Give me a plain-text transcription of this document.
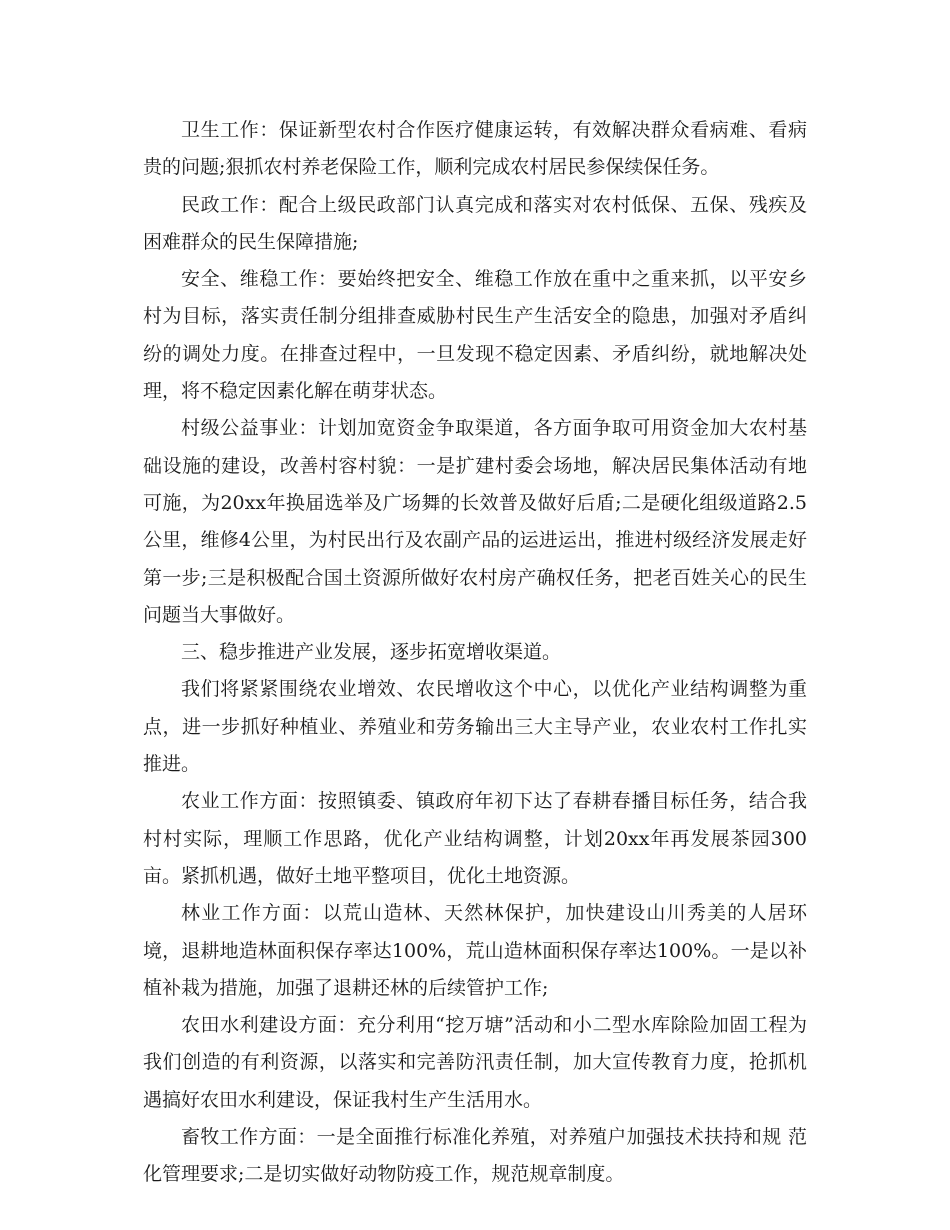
卫生工作：保证新型农村合作医疗健康运转，有效解决群众看病难、看病贵的问题;狠抓农村养老保险工作，顺利完成农村居民参保续保任务。

民政工作：配合上级民政部门认真完成和落实对农村低保、五保、残疾及困难群众的民生保障措施;

安全、维稳工作：要始终把安全、维稳工作放在重中之重来抓，以平安乡村为目标，落实责任制分组排查威胁村民生产生活安全的隐患，加强对矛盾纠纷的调处力度。在排查过程中，一旦发现不稳定因素、矛盾纠纷，就地解决处理，将不稳定因素化解在萌芽状态。

村级公益事业：计划加宽资金争取渠道，各方面争取可用资金加大农村基础设施的建设，改善村容村貌：一是扩建村委会场地，解决居民集体活动有地可施，为20xx年换届选举及广场舞的长效普及做好后盾;二是硬化组级道路2.5公里，维修4公里，为村民出行及农副产品的运进运出，推进村级经济发展走好第一步;三是积极配合国土资源所做好农村房产确权任务，把老百姓关心的民生问题当大事做好。

三、稳步推进产业发展，逐步拓宽增收渠道。

我们将紧紧围绕农业增效、农民增收这个中心，以优化产业结构调整为重点，进一步抓好种植业、养殖业和劳务输出三大主导产业，农业农村工作扎实推进。

农业工作方面：按照镇委、镇政府年初下达了春耕春播目标任务，结合我村村实际，理顺工作思路，优化产业结构调整，计划20xx年再发展茶园300亩。紧抓机遇，做好土地平整项目，优化土地资源。

林业工作方面：以荒山造林、天然林保护，加快建设山川秀美的人居环境，退耕地造林面积保存率达100%，荒山造林面积保存率达100%。一是以补植补栽为措施，加强了退耕还林的后续管护工作;

农田水利建设方面：充分利用“挖万塘”活动和小二型水库除险加固工程为我们创造的有利资源，以落实和完善防汛责任制，加大宣传教育力度，抢抓机遇搞好农田水利建设，保证我村生产生活用水。

畜牧工作方面：一是全面推行标准化养殖，对养殖户加强技术扶持和规 范化管理要求;二是切实做好动物防疫工作，规范规章制度。
